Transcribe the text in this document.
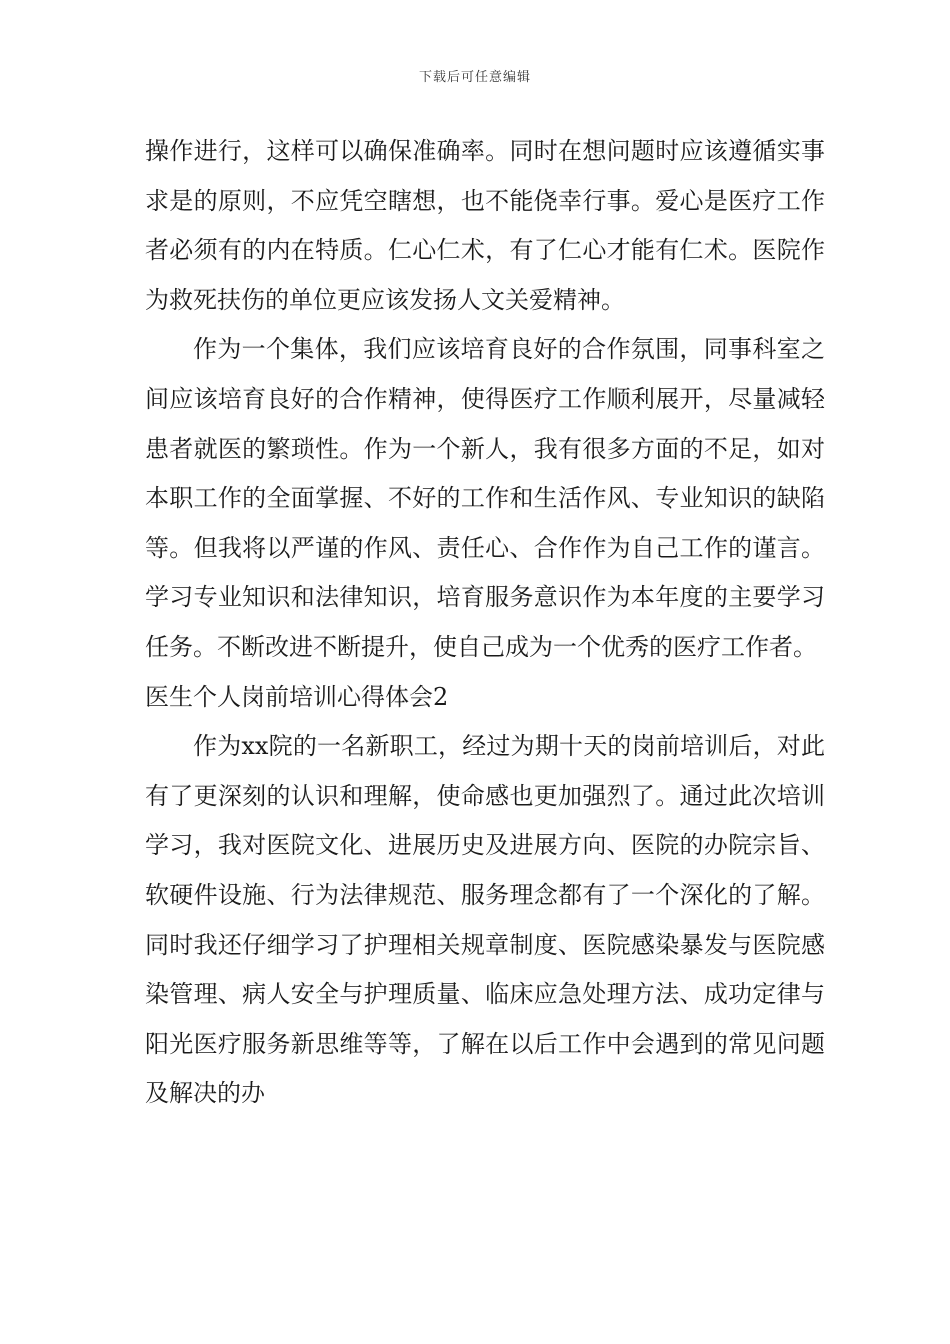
下载后可任意编辑

操作进行，这样可以确保准确率。同时在想问题时应该遵循实事求是的原则，不应凭空瞎想，也不能侥幸行事。爱心是医疗工作者必须有的内在特质。仁心仁术，有了仁心才能有仁术。医院作为救死扶伤的单位更应该发扬人文关爱精神。

作为一个集体，我们应该培育良好的合作氛围，同事科室之间应该培育良好的合作精神，使得医疗工作顺利展开，尽量减轻患者就医的繁琐性。作为一个新人，我有很多方面的不足，如对本职工作的全面掌握、不好的工作和生活作风、专业知识的缺陷等。但我将以严谨的作风、责任心、合作作为自己工作的谨言。学习专业知识和法律知识，培育服务意识作为本年度的主要学习任务。不断改进不断提升，使自己成为一个优秀的医疗工作者。

医生个人岗前培训心得体会2

作为xx院的一名新职工，经过为期十天的岗前培训后，对此有了更深刻的认识和理解，使命感也更加强烈了。通过此次培训学习，我对医院文化、进展历史及进展方向、医院的办院宗旨、软硬件设施、行为法律规范、服务理念都有了一个深化的了解。同时我还仔细学习了护理相关规章制度、医院感染暴发与医院感染管理、病人安全与护理质量、临床应急处理方法、成功定律与阳光医疗服务新思维等等，了解在以后工作中会遇到的常见问题及解决的办
